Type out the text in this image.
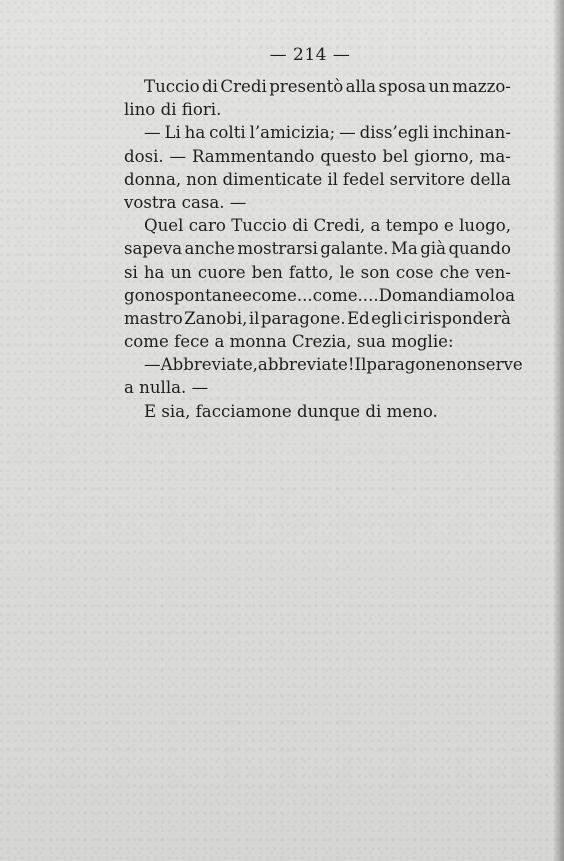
— 214 —
Tuccio di Credi presentò alla sposa un mazzo-
lino di fiori.
— Li ha colti l’amicizia; — diss’egli inchinan-
dosi. — Rammentando questo bel giorno, ma-
donna, non dimenticate il fedel servitore della
vostra casa. —
Quel caro Tuccio di Credi, a tempo e luogo,
sapeva anche mostrarsi galante. Ma già quando
si ha un cuore ben fatto, le son cose che ven-
gono spontanee come... come.... Domandiamolo a
mastro Zanobi, il paragone. Ed egli ci risponderà
come fece a monna Crezia, sua moglie:
— Abbreviate, abbreviate! Il paragone non serve
a nulla. —
E sia, facciamone dunque di meno.
